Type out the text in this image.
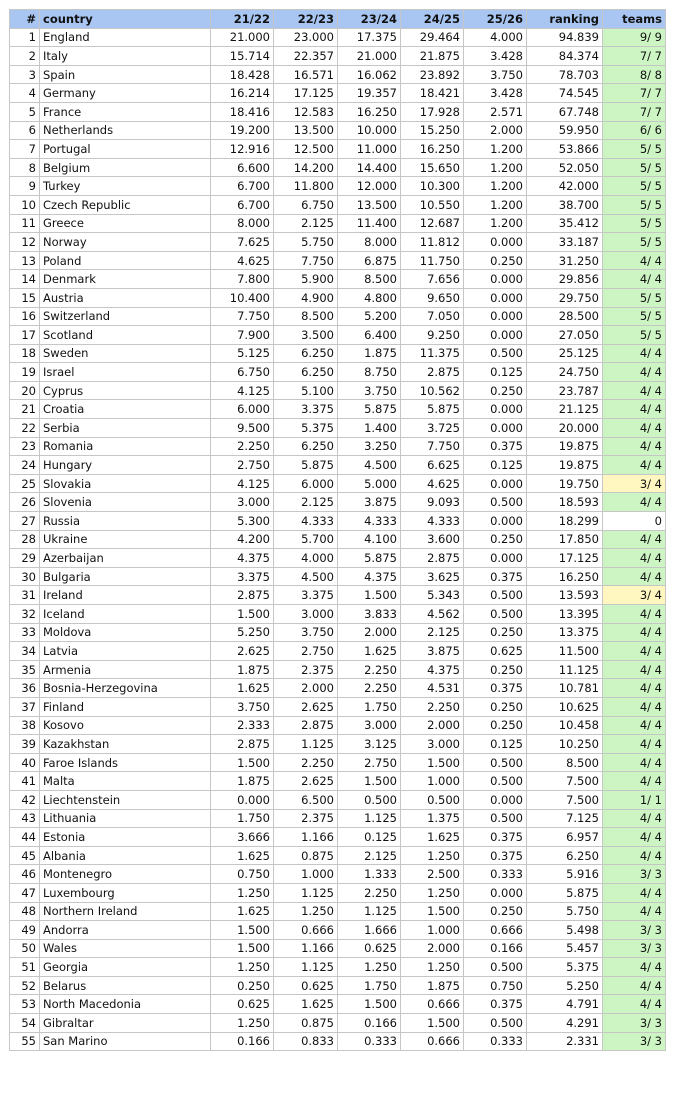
#	country	21/22	22/23	23/24	24/25	25/26	ranking	teams
1	England	21.000	23.000	17.375	29.464	4.000	94.839	9/ 9
2	Italy	15.714	22.357	21.000	21.875	3.428	84.374	7/ 7
3	Spain	18.428	16.571	16.062	23.892	3.750	78.703	8/ 8
4	Germany	16.214	17.125	19.357	18.421	3.428	74.545	7/ 7
5	France	18.416	12.583	16.250	17.928	2.571	67.748	7/ 7
6	Netherlands	19.200	13.500	10.000	15.250	2.000	59.950	6/ 6
7	Portugal	12.916	12.500	11.000	16.250	1.200	53.866	5/ 5
8	Belgium	6.600	14.200	14.400	15.650	1.200	52.050	5/ 5
9	Turkey	6.700	11.800	12.000	10.300	1.200	42.000	5/ 5
10	Czech Republic	6.700	6.750	13.500	10.550	1.200	38.700	5/ 5
11	Greece	8.000	2.125	11.400	12.687	1.200	35.412	5/ 5
12	Norway	7.625	5.750	8.000	11.812	0.000	33.187	5/ 5
13	Poland	4.625	7.750	6.875	11.750	0.250	31.250	4/ 4
14	Denmark	7.800	5.900	8.500	7.656	0.000	29.856	4/ 4
15	Austria	10.400	4.900	4.800	9.650	0.000	29.750	5/ 5
16	Switzerland	7.750	8.500	5.200	7.050	0.000	28.500	5/ 5
17	Scotland	7.900	3.500	6.400	9.250	0.000	27.050	5/ 5
18	Sweden	5.125	6.250	1.875	11.375	0.500	25.125	4/ 4
19	Israel	6.750	6.250	8.750	2.875	0.125	24.750	4/ 4
20	Cyprus	4.125	5.100	3.750	10.562	0.250	23.787	4/ 4
21	Croatia	6.000	3.375	5.875	5.875	0.000	21.125	4/ 4
22	Serbia	9.500	5.375	1.400	3.725	0.000	20.000	4/ 4
23	Romania	2.250	6.250	3.250	7.750	0.375	19.875	4/ 4
24	Hungary	2.750	5.875	4.500	6.625	0.125	19.875	4/ 4
25	Slovakia	4.125	6.000	5.000	4.625	0.000	19.750	3/ 4
26	Slovenia	3.000	2.125	3.875	9.093	0.500	18.593	4/ 4
27	Russia	5.300	4.333	4.333	4.333	0.000	18.299	0
28	Ukraine	4.200	5.700	4.100	3.600	0.250	17.850	4/ 4
29	Azerbaijan	4.375	4.000	5.875	2.875	0.000	17.125	4/ 4
30	Bulgaria	3.375	4.500	4.375	3.625	0.375	16.250	4/ 4
31	Ireland	2.875	3.375	1.500	5.343	0.500	13.593	3/ 4
32	Iceland	1.500	3.000	3.833	4.562	0.500	13.395	4/ 4
33	Moldova	5.250	3.750	2.000	2.125	0.250	13.375	4/ 4
34	Latvia	2.625	2.750	1.625	3.875	0.625	11.500	4/ 4
35	Armenia	1.875	2.375	2.250	4.375	0.250	11.125	4/ 4
36	Bosnia-Herzegovina	1.625	2.000	2.250	4.531	0.375	10.781	4/ 4
37	Finland	3.750	2.625	1.750	2.250	0.250	10.625	4/ 4
38	Kosovo	2.333	2.875	3.000	2.000	0.250	10.458	4/ 4
39	Kazakhstan	2.875	1.125	3.125	3.000	0.125	10.250	4/ 4
40	Faroe Islands	1.500	2.250	2.750	1.500	0.500	8.500	4/ 4
41	Malta	1.875	2.625	1.500	1.000	0.500	7.500	4/ 4
42	Liechtenstein	0.000	6.500	0.500	0.500	0.000	7.500	1/ 1
43	Lithuania	1.750	2.375	1.125	1.375	0.500	7.125	4/ 4
44	Estonia	3.666	1.166	0.125	1.625	0.375	6.957	4/ 4
45	Albania	1.625	0.875	2.125	1.250	0.375	6.250	4/ 4
46	Montenegro	0.750	1.000	1.333	2.500	0.333	5.916	3/ 3
47	Luxembourg	1.250	1.125	2.250	1.250	0.000	5.875	4/ 4
48	Northern Ireland	1.625	1.250	1.125	1.500	0.250	5.750	4/ 4
49	Andorra	1.500	0.666	1.666	1.000	0.666	5.498	3/ 3
50	Wales	1.500	1.166	0.625	2.000	0.166	5.457	3/ 3
51	Georgia	1.250	1.125	1.250	1.250	0.500	5.375	4/ 4
52	Belarus	0.250	0.625	1.750	1.875	0.750	5.250	4/ 4
53	North Macedonia	0.625	1.625	1.500	0.666	0.375	4.791	4/ 4
54	Gibraltar	1.250	0.875	0.166	1.500	0.500	4.291	3/ 3
55	San Marino	0.166	0.833	0.333	0.666	0.333	2.331	3/ 3
